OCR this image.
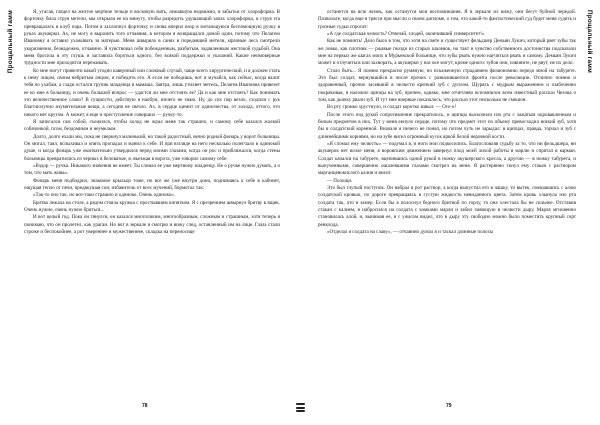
Прощальный гамм	Я, угасая, глядел на желтое мертвое тельце и восковую мать, лежавшую недвижно, в забытьи от хлороформа. В форточку била струя метели, мы открыли ее на минуту, чтобы разредить удушающий запах хлороформа, и струя эта превращалась в клуб пара. Потом я захлопнул форточку и снова вперил взор в мотающуюся беспомощную ручку в руках акушерки. Ах, не могу я выразить того отчаяния, в котором я возвращался домой один, потому что Пелагею Ивановну я оставил ухаживать за матерью. Меня швыряло в санях в поредевшей метели, мрачные леса смотрели укоризненно, безнадежно, отчаянно. Я чувствовал себя побежденным, разбитым, задавленным жестокой судьбой. Она меня бросила в эту глушь и заставила бороться одного, без всякой поддержки и указаний. Какие неимоверные трудности мне приходится переживать.

Ко мне могут привезти какой угодно каверзный или сложный случай, чаще всего хирургический, и я должен стать к нему лицом, своим небритым лицом, и победить его. А если не победишь, вот и мучайся, как сейчас, когда валит тебя по ухабам, а сзади остался трупик младенца и мамаша. Завтра, лишь утихнет метель, Пелагея Ивановна привезет ее ко мне в больницу, и очень большой вопрос — удастся ли мне отстоять ее? Да и как мне отстоять? Как понимать это величественное слово? В сущности, действую я наобум, ничего не знаю. Ну, до сих пор везло, сходили с рук благополучно изумительные вещи, а сегодня не свезло. Ах, в сердце щемит от одиночества, от холода, оттого, что никого нет кругом. А может, я еще и преступление совершил — ручку-то.

Я записался сам собой, съежился, чтобы холод не жрал меня так страшно, и самому себе казался жалкой собачонкой, псом, бездомным и неумелым.

Долго, долго ехали мы, пока не сверкнул маленький, но такой радостный, вечно родной фонарь у ворот больницы. Он мигал, таял, вспыхивал и опять пропадал и манил к себе. И при взгляде на него несколько полегчало в одинокой душе, и когда фонарь уже окончательно утвердился перед моими глазами, когда он рос и приближался, когда стены больницы превратились из черных в беловатые, я, въезжая в ворота, уже говорил самому себе:

«Вздор — ручка. Никакого значения не имеет. Ты сломал ее уже мертвому младенцу. Не о ручке нужно думать, а о том, что мать жива».

Фонарь меня подбодрил, знакомое крыльцо тоже, но все же уже внутри дома, поднимаясь к себе в кабинет, ощущая тепло от печи, предвкушая сон, избавитель от всех мучений, бормотал так:

«Так-то оно так, но все-таки страшно и одиноко. Очень одиноко».

Бритва лежала на столе, а рядом стояла кружка с простывшим кипятком. Я с презрением швырнул бритву в ящик. Очень нужно, очень нужно бриться...

И вот целый год. Пока он тянулся, он казался многоликим, многообразным, сложным и страшным, хотя теперь я понимаю, что он пролетел, как ураган. Но вот в зеркале я смотрю и вижу след, оставленный им на лице. Глаза стали строже и беспокойнее, а рот увереннее и мужественнее, складка на переносице

78
Прощальный гамм

останется на всю жизнь, как останутся мои воспоминания. Я в зеркале их вижу, они бегут буйной чередой. Позвольте, когда еще я трясся при мысли о своем дипломе, о том, что какой-то фантастический суд будет меня судить и грозные судьи спросят:

«А где солдатская челюсть? Отвечай, злодей, окончивший университет!»

Как не помнить! Дело было в том, что хотя на свете и существует фельдшер Демьян Лукич, который рвет зубы так же ловко, как плотник — ржавые гвозди из старых шалевок, но такт и чувство собственного достоинства подсказали мне на первых же шагах моих в Мурьевской больнице, что зубы рвать нужно научиться рвать и самому. Демьян Лукич может и отлучиться или захворать, а акушерки у нас все могут, кроме одного: зубов они, извините, не рвут, не их дело.

Стало быть... Я помню прекрасно румяную, но искаженную страданием физиономию передо мной на табурете. Это был солдат, вернувшийся в числе прочих с развалившегося фронта после революции. Отлично помню и здоровенный, прочно засевший в челюсти крепкий зуб с дуплом. Щурясь с мудрым выражением и озабоченно покрякивая, я наложил щипцы на зуб, причем, однако, мне отчетливо вспомнился всем известный рассказ Чехова о том, как дьячку рвали зуб. И тут мне впервые показалось, что рассказ этот нисколько не смешон.

Во рту громко хрустнуло, и солдат коротко взвыл: — Ого-о!

После этого под рукой сопротивление прекратилось, и щипцы выскочили изо рта с зажатым окровавленным и белым предметом в них. Тут у меня екнуло сердце, потому что предмет этот по объему превосходил всякий зуб, хотя бы и солдатский коренной. Вначале я ничего не понял, но потом чуть не зарыдал: в щипцах, правда, торчал и зуб с длиннейшими корнями, но на зубе висел огромный кусок яркой белой неровной кости.

«Я сломал ему челюсть» — подумал я, и ноги мои подкосились. Благословляя судьбу за то, что ни фельдшера, ни акушерок нет возле меня, я воровским движением завернул плод моей лихой работы в марлю и спрятал в карман. Солдат качался на табурете, вцепившись одной рукой в ножку акушерского кресла, а другою — в ножку табурета, и выпученными, совершенно ошалевшими глазами смотрел на меня. Я растерянно ткнул ему стакан с раствором марганцевокислого калия и велел:

— Полощи.

Это был глупый поступок. Он набрал в рот раствор, а когда выпустил его в чашку, то вытек, смешавшись с алою солдатской кровью, по дороге превращаясь в густую жидкость невиданного цвета. Затем кровь хлынула изо рта солдата так, что я замер. Если бы я полоснул бедного бритвой по горлу, то она хлестала бы не сильнее. Отставив стакан с калием, я набросился на солдата с комками марли и забил зияющую в челюсти дыру. Марля мгновенно становилась алой, и, вынимая ее, я с ужасом видел, что в дыру эту свободно можно было поместить крупный сорт ренклода.

«Отделал я солдата на славу», — отчаянно думал я и таскал длинные полосы

79
